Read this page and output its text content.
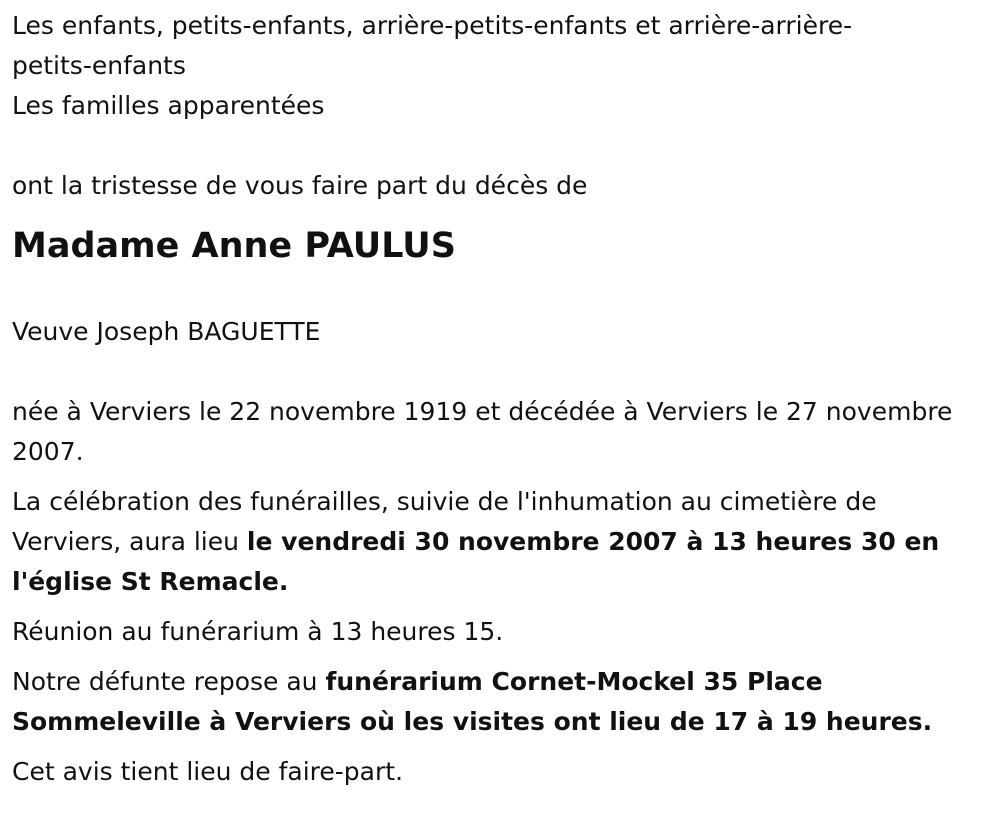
Les enfants, petits-enfants, arrière-petits-enfants et arrière-arrière-
petits-enfants
Les familles apparentées

ont la tristesse de vous faire part du décès de

Madame Anne PAULUS

Veuve Joseph BAGUETTE

née à Verviers le 22 novembre 1919 et décédée à Verviers le 27 novembre 2007.

La célébration des funérailles, suivie de l'inhumation au cimetière de Verviers, aura lieu le vendredi 30 novembre 2007 à 13 heures 30 en l'église St Remacle.

Réunion au funérarium à 13 heures 15.

Notre défunte repose au funérarium Cornet-Mockel 35 Place Sommeleville à Verviers où les visites ont lieu de 17 à 19 heures.

Cet avis tient lieu de faire-part.
